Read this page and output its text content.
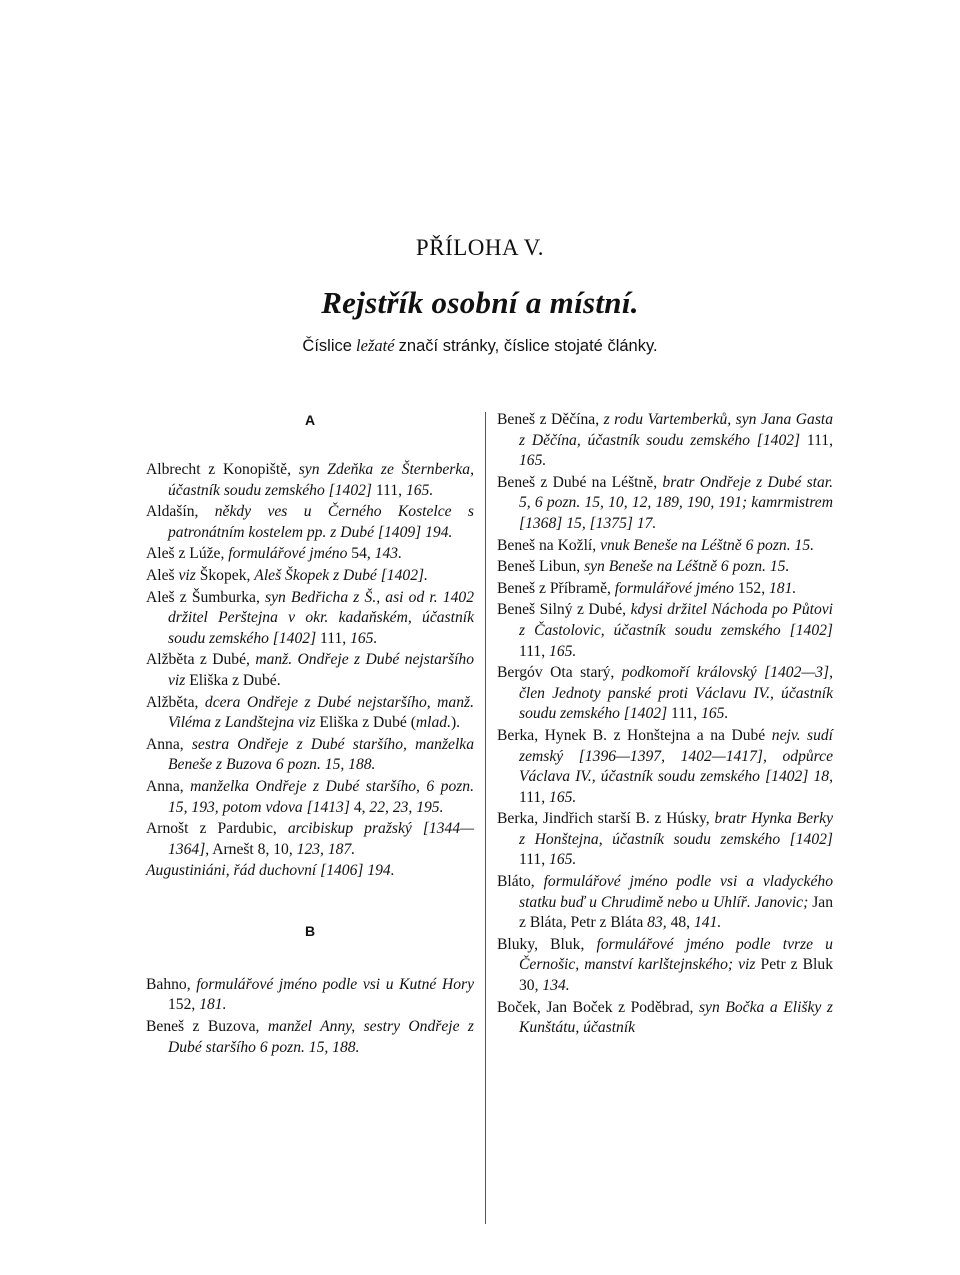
PŘÍLOHA V.
Rejstřík osobní a místní.
Číslice ležaté značí stránky, číslice stojaté články.
A
Albrecht z Konopiště, syn Zdeňka ze Šternberka, účastník soudu zemského [1402] 111, 165.
Aldašín, někdy ves u Černého Kostelce s patronátním kostelem pp. z Dubé [1409] 194.
Aleš z Lúže, formulářové jméno 54, 143.
Aleš viz Škopek, Aleš Škopek z Dubé [1402].
Aleš z Šumburka, syn Bedřicha z Š., asi od r. 1402 držitel Perštejna v okr. kadaňském, účastník soudu zemského [1402] 111, 165.
Alžběta z Dubé, manž. Ondřeje z Dubé nejstaršího viz Eliška z Dubé.
Alžběta, dcera Ondřeje z Dubé nejstaršího, manž. Viléma z Landštejna viz Eliška z Dubé (mlad.).
Anna, sestra Ondřeje z Dubé staršího, manželka Beneše z Buzova 6 pozn. 15, 188.
Anna, manželka Ondřeje z Dubé staršího, 6 pozn. 15, 193, potom vdova [1413] 4, 22, 23, 195.
Arnošt z Pardubic, arcibiskup pražský [1344—1364], Arnešt 8, 10, 123, 187.
Augustiniáni, řád duchovní [1406] 194.
B
Bahno, formulářové jméno podle vsi u Kutné Hory 152, 181.
Beneš z Buzova, manžel Anny, sestry Ondřeje z Dubé staršího 6 pozn. 15, 188.
Beneš z Děčína, z rodu Vartemberků, syn Jana Gasta z Děčína, účastník soudu zemského [1402] 111, 165.
Beneš z Dubé na Léštně, bratr Ondřeje z Dubé star. 5, 6 pozn. 15, 10, 12, 189, 190, 191; kamrmistrem [1368] 15, [1375] 17.
Beneš na Kožlí, vnuk Beneše na Léštně 6 pozn. 15.
Beneš Libun, syn Beneše na Léštně 6 pozn. 15.
Beneš z Příbramě, formulářové jméno 152, 181.
Beneš Silný z Dubé, kdysi držitel Náchoda po Půtovi z Častolovic, účastník soudu zemského [1402] 111, 165.
Bergóv Ota starý, podkomoří královský [1402—3], člen Jednoty panské proti Václavu IV., účastník soudu zemského [1402] 111, 165.
Berka, Hynek B. z Honštejna a na Dubé nejv. sudí zemský [1396—1397, 1402—1417], odpůrce Václava IV., účastník soudu zemského [1402] 18, 111, 165.
Berka, Jindřich starší B. z Húsky, bratr Hynka Berky z Honštejna, účastník soudu zemského [1402] 111, 165.
Bláto, formulářové jméno podle vsi a vladyckého statku buď u Chrudimě nebo u Uhlíř. Janovic; Jan z Bláta, Petr z Bláta 83, 48, 141.
Bluky, Bluk, formulářové jméno podle tvrze u Černošic, manství karlštejnského; viz Petr z Bluk 30, 134.
Boček, Jan Boček z Poděbrad, syn Bočka a Elišky z Kunštátu, účastník
